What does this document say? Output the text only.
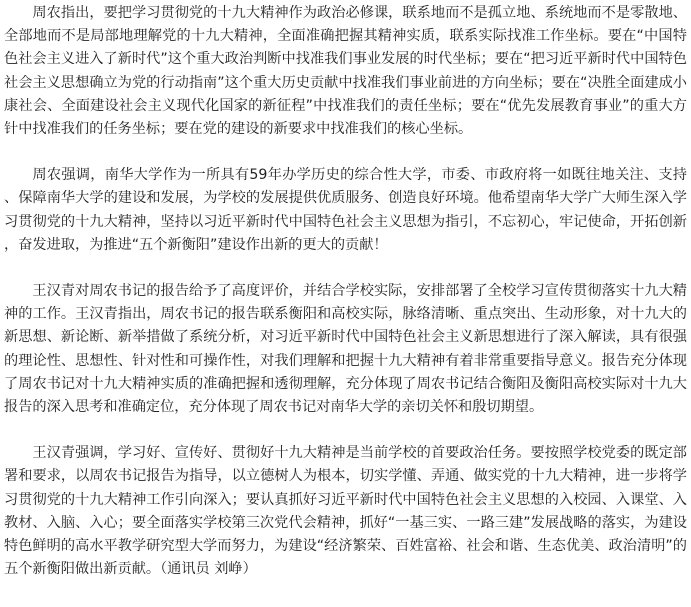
周农指出，要把学习贯彻党的十九大精神作为政治必修课，联系地而不是孤立地、系统地而不是零散地、全部地而不是局部地理解党的十九大精神，全面准确把握其精神实质，联系实际找准工作坐标。要在“中国特色社会主义进入了新时代”这个重大政治判断中找准我们事业发展的时代坐标；要在“把习近平新时代中国特色社会主义思想确立为党的行动指南”这个重大历史贡献中找准我们事业前进的方向坐标；要在“决胜全面建成小康社会、全面建设社会主义现代化国家的新征程”中找准我们的责任坐标；要在“优先发展教育事业”的重大方针中找准我们的任务坐标；要在党的建设的新要求中找准我们的核心坐标。

周农强调，南华大学作为一所具有59年办学历史的综合性大学，市委、市政府将一如既往地关注、支持、保障南华大学的建设和发展，为学校的发展提供优质服务、创造良好环境。他希望南华大学广大师生深入学习贯彻党的十九大精神，坚持以习近平新时代中国特色社会主义思想为指引，不忘初心，牢记使命，开拓创新，奋发进取，为推进“五个新衡阳”建设作出新的更大的贡献！

王汉青对周农书记的报告给予了高度评价，并结合学校实际，安排部署了全校学习宣传贯彻落实十九大精神的工作。王汉青指出，周农书记的报告联系衡阳和高校实际，脉络清晰、重点突出、生动形象，对十九大的新思想、新论断、新举措做了系统分析，对习近平新时代中国特色社会主义新思想进行了深入解读，具有很强的理论性、思想性、针对性和可操作性，对我们理解和把握十九大精神有着非常重要指导意义。报告充分体现了周农书记对十九大精神实质的准确把握和透彻理解，充分体现了周农书记结合衡阳及衡阳高校实际对十九大报告的深入思考和准确定位，充分体现了周农书记对南华大学的亲切关怀和殷切期望。

王汉青强调，学习好、宣传好、贯彻好十九大精神是当前学校的首要政治任务。要按照学校党委的既定部署和要求，以周农书记报告为指导，以立德树人为根本，切实学懂、弄通、做实党的十九大精神，进一步将学习贯彻党的十九大精神工作引向深入；要认真抓好习近平新时代中国特色社会主义思想的入校园、入课堂、入教材、入脑、入心；要全面落实学校第三次党代会精神，抓好“一基三实、一路三建”发展战略的落实，为建设特色鲜明的高水平教学研究型大学而努力，为建设“经济繁荣、百姓富裕、社会和谐、生态优美、政治清明”的五个新衡阳做出新贡献。（通讯员 刘峥）
